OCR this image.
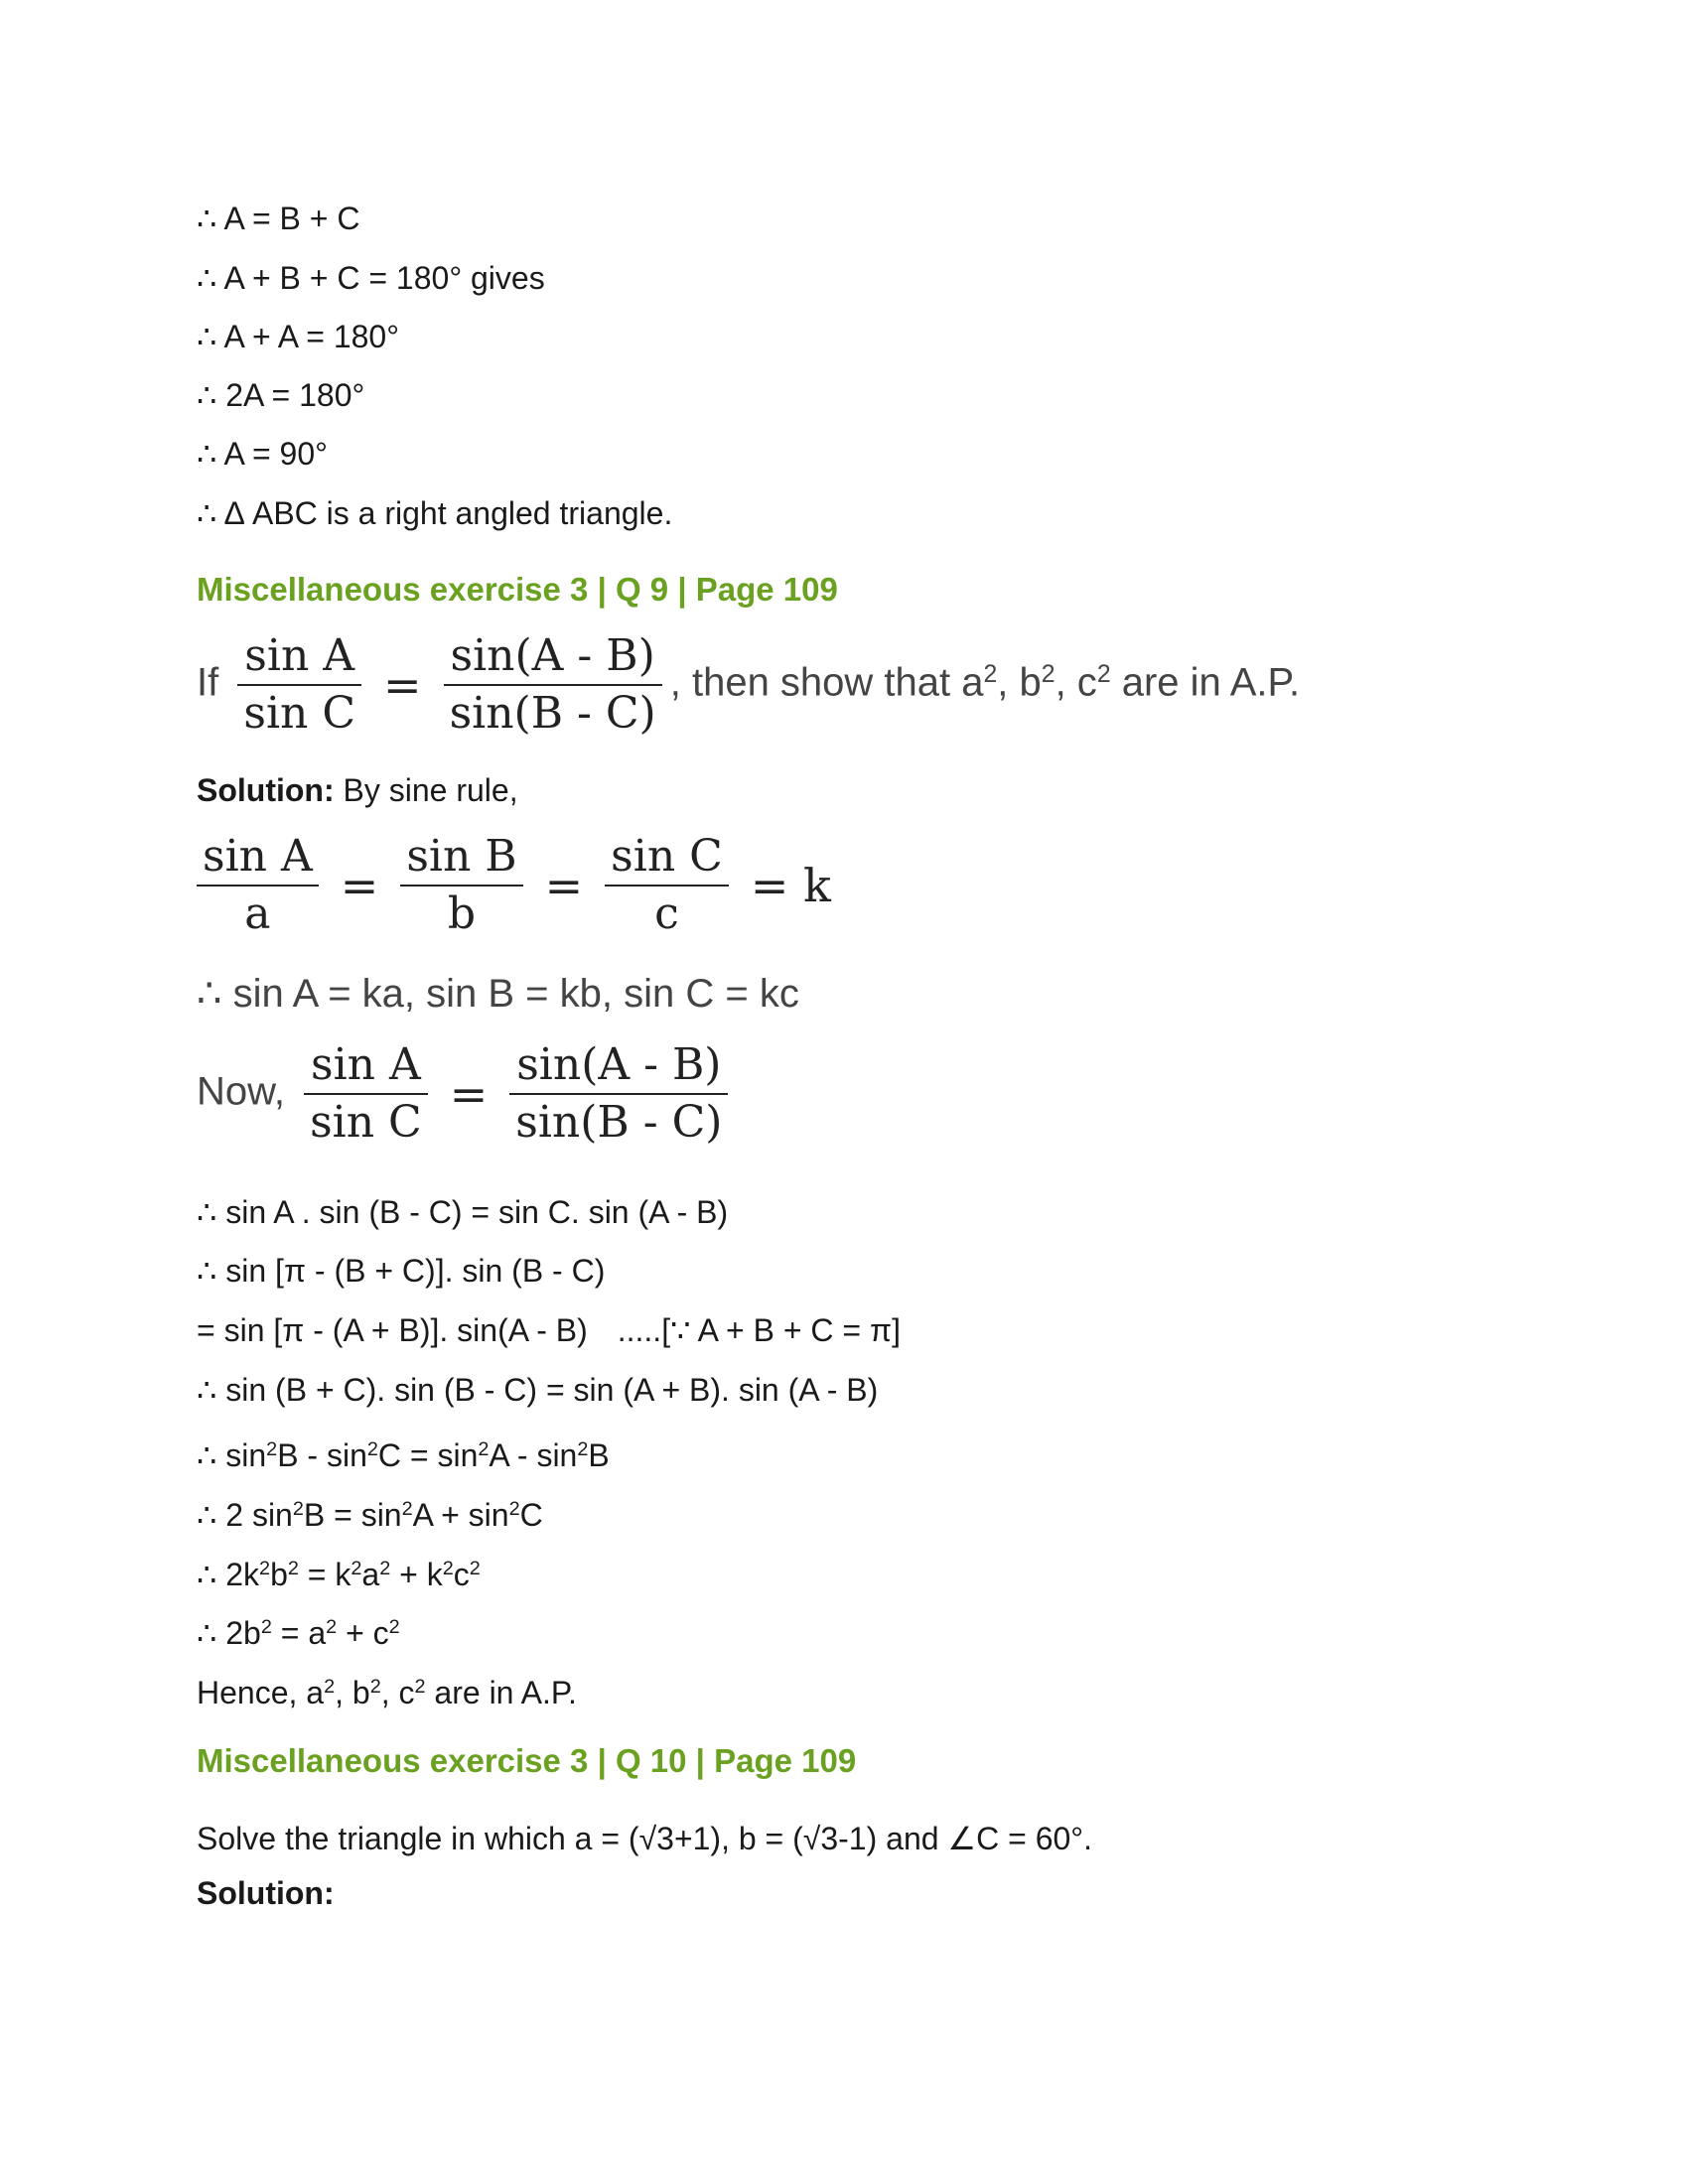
∴ A = B + C
∴ A + B + C = 180° gives
∴ A + A = 180°
∴ 2A = 180°
∴ A = 90°
∴ Δ ABC is a right angled triangle.
Miscellaneous exercise 3 | Q 9 | Page 109
If $\frac{\text{sin A}}{\text{sin C}} = \frac{\sin(A - B)}{\sin(B - C)}$ , then show that $a^2$, $b^2$, $c^2$ are in A.P.
Solution: By sine rule,
$\frac{\text{sin A}}{a} = \frac{\text{sin B}}{b} = \frac{\text{sin C}}{c} = k$
∴ sin A = ka, sin B = kb, sin C = kc
Now, $\frac{\text{sin A}}{\text{sin C}} = \frac{\sin(A - B)}{\sin(B - C)}$
∴ sin A . sin (B - C) = sin C. sin (A - B)
∴ sin [π - (B + C)]. sin (B - C)
= sin [π - (A + B)]. sin(A - B) .....[∵ A + B + C = π]
∴ sin (B + C). sin (B - C) = sin (A + B). sin (A - B)
∴ $\sin^2B - \sin^2C = \sin^2A - \sin^2B$
∴ 2 $\sin^2B = \sin^2A + \sin^2C$
∴ $2k^2b^2 = k^2a^2 + k^2c^2$
∴ $2b^2 = a^2 + c^2$
Hence, $a^2$, $b^2$, $c^2$ are in A.P.
Miscellaneous exercise 3 | Q 10 | Page 109
Solve the triangle in which a = (√3+1), b = (√3-1) and ∠C = 60°.
Solution:
